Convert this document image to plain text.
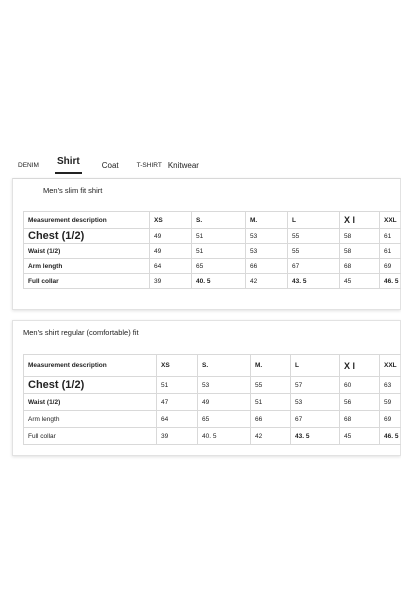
DENIM Shirt	Coat	T-SHIRT Knitwear
Men's slim fit shirt
Measurement description	XS	S.	M.	L	X l	XXL
Chest (1/2)	49	51	53	55	58	61
Waist (1/2)	49	51	53	55	58	61
Arm length	64	65	66	67	68	69
Full collar	39	40. 5	42	43. 5	45	46. 5
Men's shirt regular (comfortable) fit
Measurement description	XS	S.	M.	L	X l	XXL
Chest (1/2)	51	53	55	57	60	63
Waist (1/2)	47	49	51	53	56	59
Arm length	64	65	66	67	68	69
Full collar	39	40. 5	42	43. 5	45	46. 5
